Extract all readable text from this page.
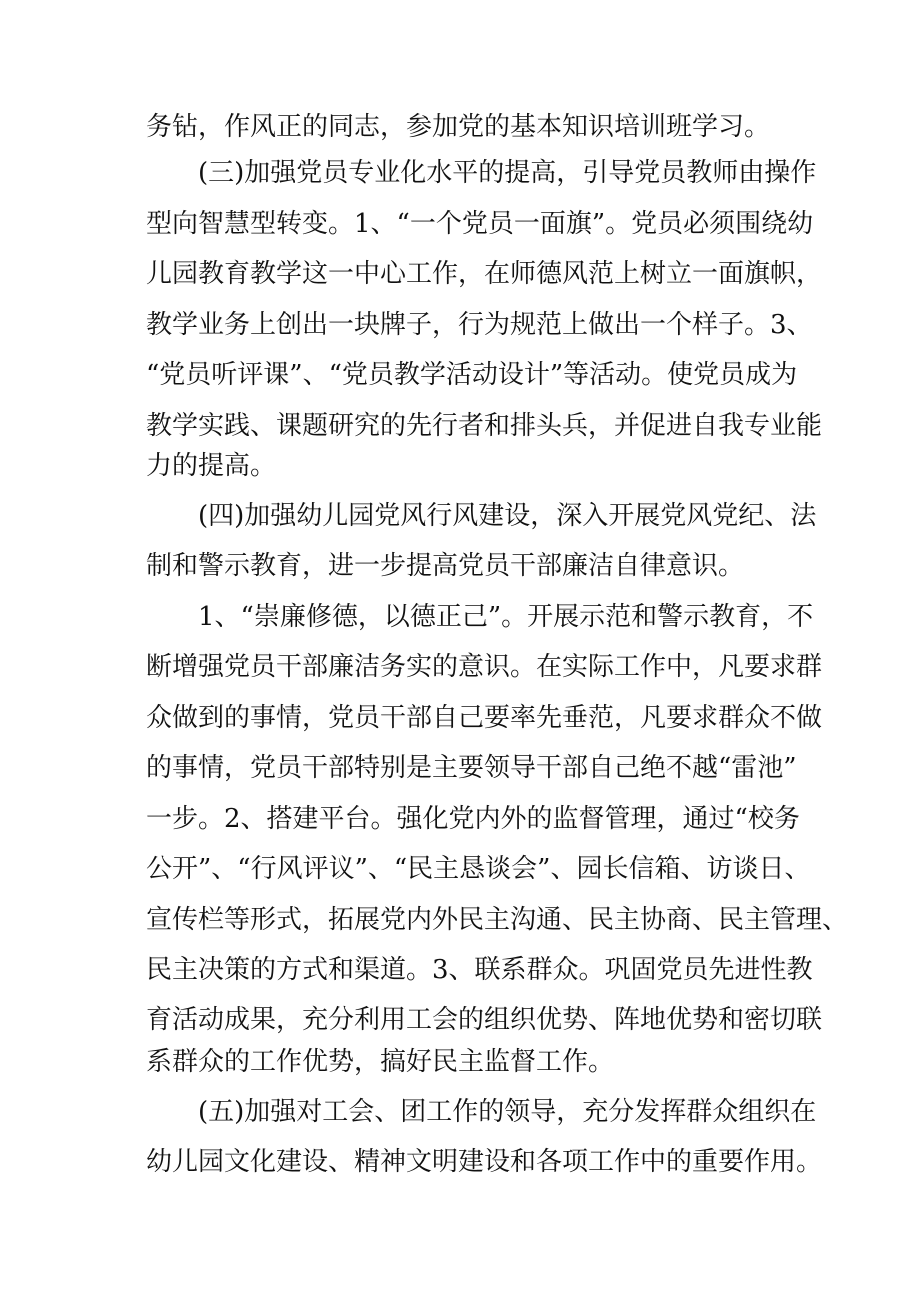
务钻，作风正的同志，参加党的基本知识培训班学习。
(三)加强党员专业化水平的提高，引导党员教师由操作
型向智慧型转变。1、“一个党员一面旗”。党员必须围绕幼
儿园教育教学这一中心工作，在师德风范上树立一面旗帜，
教学业务上创出一块牌子，行为规范上做出一个样子。3、
“党员听评课”、“党员教学活动设计”等活动。使党员成为
教学实践、课题研究的先行者和排头兵，并促进自我专业能
力的提高。
(四)加强幼儿园党风行风建设，深入开展党风党纪、法
制和警示教育，进一步提高党员干部廉洁自律意识。
1、“崇廉修德，以德正己”。开展示范和警示教育，不
断增强党员干部廉洁务实的意识。在实际工作中，凡要求群
众做到的事情，党员干部自己要率先垂范，凡要求群众不做
的事情，党员干部特别是主要领导干部自己绝不越“雷池”
一步。2、搭建平台。强化党内外的监督管理，通过“校务
公开”、“行风评议”、“民主恳谈会”、园长信箱、访谈日、
宣传栏等形式，拓展党内外民主沟通、民主协商、民主管理、
民主决策的方式和渠道。3、联系群众。巩固党员先进性教
育活动成果，充分利用工会的组织优势、阵地优势和密切联
系群众的工作优势，搞好民主监督工作。
(五)加强对工会、团工作的领导，充分发挥群众组织在
幼儿园文化建设、精神文明建设和各项工作中的重要作用。
